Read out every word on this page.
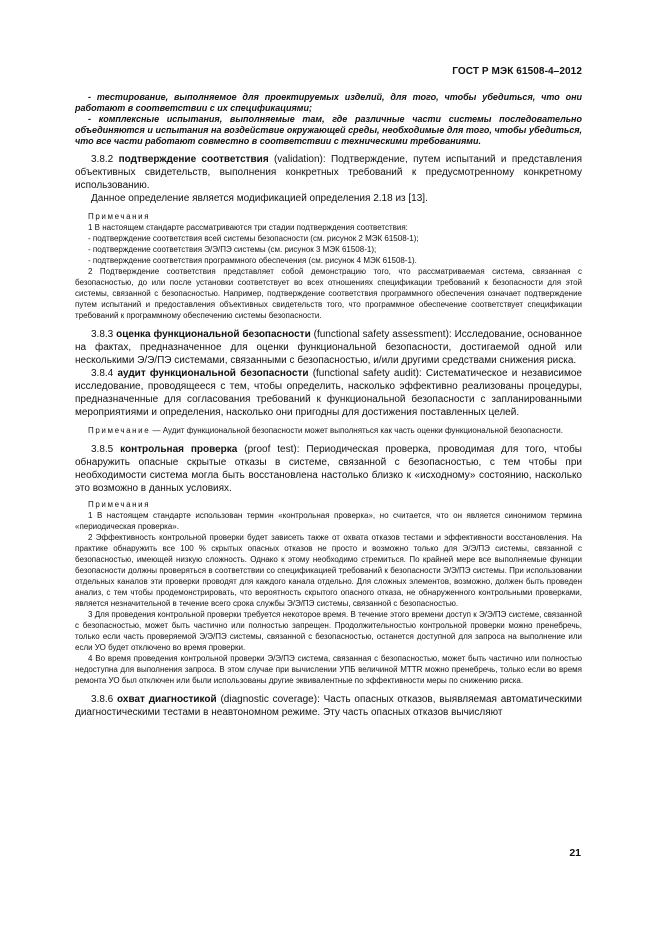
ГОСТ Р МЭК 61508-4–2012

- тестирование, выполняемое для проектируемых изделий, для того, чтобы убедиться, что они работают в соответствии с их спецификациями;

- комплексные испытания, выполняемые там, где различные части системы последовательно объединяются и испытания на воздействие окружающей среды, необходимые для того, чтобы убедиться, что все части работают совместно в соответствии с техническими требованиями.

3.8.2 подтверждение соответствия (validation): Подтверждение, путем испытаний и представления объективных свидетельств, выполнения конкретных требований к предусмотренному конкретному использованию.

Данное определение является модификацией определения 2.18 из [13].

Примечания

1 В настоящем стандарте рассматриваются три стадии подтверждения соответствия:

- подтверждение соответствия всей системы безопасности (см. рисунок 2 МЭК 61508-1);

- подтверждение соответствия Э/Э/ПЭ системы (см. рисунок 3 МЭК 61508-1);

- подтверждение соответствия программного обеспечения (см. рисунок 4 МЭК 61508-1).

2 Подтверждение соответствия представляет собой демонстрацию того, что рассматриваемая система, связанная с безопасностью, до или после установки соответствует во всех отношениях спецификации требований к безопасности для этой системы, связанной с безопасностью. Например, подтверждение соответствия программного обеспечения означает подтверждение путем испытаний и предоставления объективных свидетельств того, что программное обеспечение соответствует спецификации требований к программному обеспечению системы безопасности.

3.8.3 оценка функциональной безопасности (functional safety assessment): Исследование, основанное на фактах, предназначенное для оценки функциональной безопасности, достигаемой одной или несколькими Э/Э/ПЭ системами, связанными с безопасностью, и/или другими средствами снижения риска.

3.8.4 аудит функциональной безопасности (functional safety audit): Систематическое и независимое исследование, проводящееся с тем, чтобы определить, насколько эффективно реализованы процедуры, предназначенные для согласования требований к функциональной безопасности с запланированными мероприятиями и определения, насколько они пригодны для достижения поставленных целей.

Примечание — Аудит функциональной безопасности может выполняться как часть оценки функциональной безопасности.

3.8.5 контрольная проверка (proof test): Периодическая проверка, проводимая для того, чтобы обнаружить опасные скрытые отказы в системе, связанной с безопасностью, с тем чтобы при необходимости система могла быть восстановлена настолько близко к «исходному» состоянию, насколько это возможно в данных условиях.

Примечания

1 В настоящем стандарте использован термин «контрольная проверка», но считается, что он является синонимом термина «периодическая проверка».

2 Эффективность контрольной проверки будет зависеть также от охвата отказов тестами и эффективности восстановления. На практике обнаружить все 100 % скрытых опасных отказов не просто и возможно только для Э/Э/ПЭ системы, связанной с безопасностью, имеющей низкую сложность. Однако к этому необходимо стремиться. По крайней мере все выполняемые функции безопасности должны проверяться в соответствии со спецификацией требований к безопасности Э/Э/ПЭ системы. При использовании отдельных каналов эти проверки проводят для каждого канала отдельно. Для сложных элементов, возможно, должен быть проведен анализ, с тем чтобы продемонстрировать, что вероятность скрытого опасного отказа, не обнаруженного контрольными проверками, является незначительной в течение всего срока службы Э/Э/ПЭ системы, связанной с безопасностью.

3 Для проведения контрольной проверки требуется некоторое время. В течение этого времени доступ к Э/Э/ПЭ системе, связанной с безопасностью, может быть частично или полностью запрещен. Продолжительностью контрольной проверки можно пренебречь, только если часть проверяемой Э/Э/ПЭ системы, связанной с безопасностью, останется доступной для запроса на выполнение или если УО будет отключено во время проверки.

4 Во время проведения контрольной проверки Э/Э/ПЭ система, связанная с безопасностью, может быть частично или полностью недоступна для выполнения запроса. В этом случае при вычислении УПБ величиной MTTR можно пренебречь, только если во время ремонта УО был отключен или были использованы другие эквивалентные по эффективности меры по снижению риска.

3.8.6 охват диагностикой (diagnostic coverage): Часть опасных отказов, выявляемая автоматическими диагностическими тестами в неавтономном режиме. Эту часть опасных отказов вычисляют

21
